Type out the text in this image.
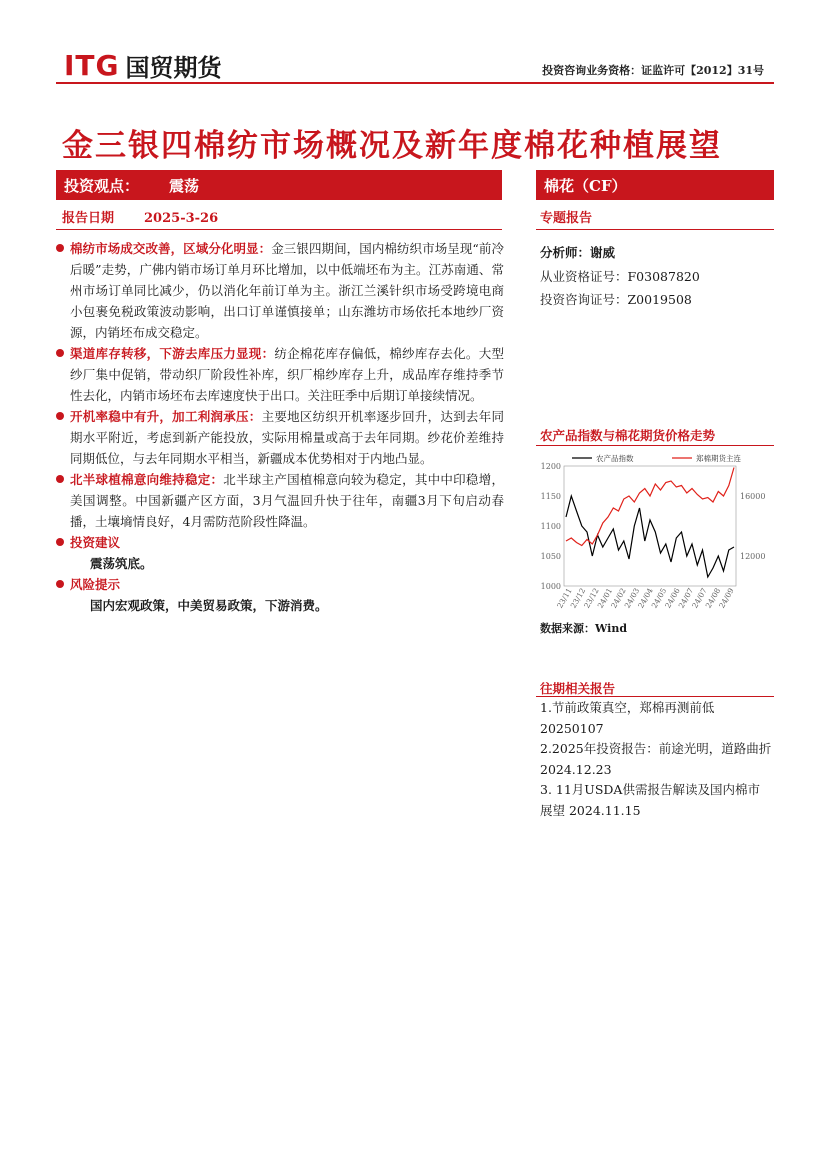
ITG 国贸期货	投资咨询业务资格：证监许可【2012】31号
金三银四棉纺市场概况及新年度棉花种植展望
投资观点： 震荡
报告日期 2025-3-26
棉纺市场成交改善，区域分化明显：金三银四期间，国内棉纺织市场呈现“前冷后暖”走势，广佛内销市场订单月环比增加，以中低端坯布为主。江苏南通、常州市场订单同比减少，仍以消化年前订单为主。浙江兰溪针织市场受跨境电商小包裹免税政策波动影响，出口订单谨慎接单；山东潍坊市场依托本地纱厂资源，内销坯布成交稳定。
渠道库存转移，下游去库压力显现：纺企棉花库存偏低，棉纱库存去化。大型纱厂集中促销，带动织厂阶段性补库，织厂棉纱库存上升，成品库存维持季节性去化，内销市场坯布去库速度快于出口。关注旺季中后期订单接续情况。
开机率稳中有升，加工利润承压：主要地区纺织开机率逐步回升，达到去年同期水平附近，考虑到新产能投放，实际用棉量或高于去年同期。纱花价差维持同期低位，与去年同期水平相当，新疆成本优势相对于内地凸显。
北半球植棉意向维持稳定：北半球主产国植棉意向较为稳定，其中中印稳增，美国调整。中国新疆产区方面，3月气温回升快于往年，南疆3月下旬启动春播，土壤墒情良好，4月需防范阶段性降温。
投资建议
震荡筑底。
风险提示
国内宏观政策，中美贸易政策，下游消费。
棉花（CF）
专题报告
分析师：谢威
从业资格证号：F03087820
投资咨询证号：Z0019508
农产品指数与棉花期货价格走势
1200
1150
1100
1050
1000
16000
12000
23/11
23/12
23/12
24/01
24/02
24/03
24/04
24/05
24/06
24/07
24/07
24/08
24/09
农产品指数	郑棉期货主连
数据来源：Wind
往期相关报告
1.节前政策真空，郑棉再测前低20250107
2.2025年投资报告：前途光明，道路曲折 2024.12.23
3. 11月USDA供需报告解读及国内棉市展望 2024.11.15
